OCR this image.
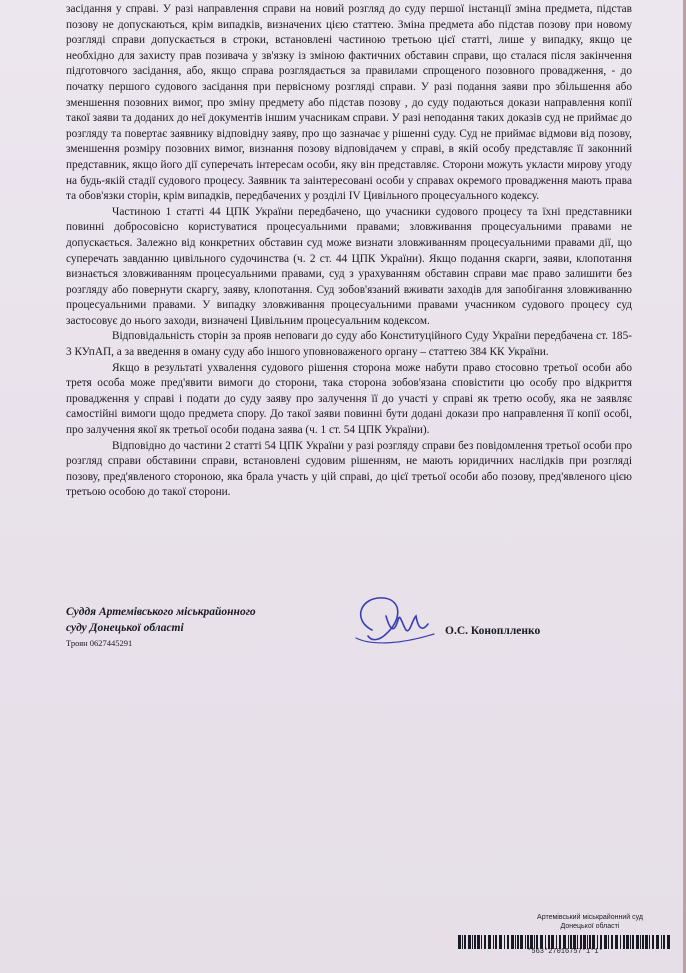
засідання у справі. У разі направлення справи на новий розгляд до суду першої інстанції зміна предмета, підстав позову не допускаються, крім випадків, визначених цією статтею. Зміна предмета або підстав позову при новому розгляді справи допускається в строки, встановлені частиною третьою цієї статті, лише у випадку, якщо це необхідно для захисту прав позивача у зв'язку із зміною фактичних обставин справи, що сталася після закінчення підготовчого засідання, або, якщо справа розглядається за правилами спрощеного позовного провадження, - до початку першого судового засідання при первісному розгляді справи. У разі подання заяви про збільшення або зменшення позовних вимог, про зміну предмету або підстав позову , до суду подаються докази направлення копії такої заяви та доданих до неї документів іншим учасникам справи. У разі неподання таких доказів суд не приймає до розгляду та повертає заявнику відповідну заяву, про що зазначає у рішенні суду. Суд не приймає відмови від позову, зменшення розміру позовних вимог, визнання позову відповідачем у справі, в якій особу представляє її законний представник, якщо його дії суперечать інтересам особи, яку він представляє. Сторони можуть укласти мирову угоду на будь-якій стадії судового процесу. Заявник та заінтересовані особи у справах окремого провадження мають права та обов'язки сторін, крім випадків, передбачених у розділі IV Цивільного процесуального кодексу.

Частиною 1 статті 44 ЦПК України передбачено, що учасники судового процесу та їхні представники повинні добросовісно користуватися процесуальними правами; зловживання процесуальними правами не допускається. Залежно від конкретних обставин суд може визнати зловживанням процесуальними правами дії, що суперечать завданню цивільного судочинства (ч. 2 ст. 44 ЦПК України). Якщо подання скарги, заяви, клопотання визнається зловживанням процесуальними правами, суд з урахуванням обставин справи має право залишити без розгляду або повернути скаргу, заяву, клопотання. Суд зобов'язаний вживати заходів для запобігання зловживанню процесуальними правами. У випадку зловживання процесуальними правами учасником судового процесу суд застосовує до нього заходи, визначені Цивільним процесуальним кодексом.

Відповідальність сторін за прояв неповаги до суду або Конституційного Суду України передбачена ст. 185-3 КУпАП, а за введення в оману суду або іншого уповноваженого органу – статтею 384 КК України.

Якщо в результаті ухвалення судового рішення сторона може набути право стосовно третьої особи або третя особа може пред'явити вимоги до сторони, така сторона зобов'язана сповістити цю особу про відкриття провадження у справі і подати до суду заяву про залучення її до участі у справі як третю особу, яка не заявляє самостійні вимоги щодо предмета спору. До такої заяви повинні бути додані докази про направлення її копії особі, про залучення якої як третьої особи подана заява (ч. 1 ст. 54 ЦПК України).

Відповідно до частини 2 статті 54 ЦПК України у разі розгляду справи без повідомлення третьої особи про розгляд справи обставини справи, встановлені судовим рішенням, не мають юридичних наслідків при розгляді позову, пред'явленого стороною, яка брала участь у цій справі, до цієї третьої особи або позову, пред'явленого цією третьою особою до такої сторони.

Суддя Артемівського міськрайонного
суду Донецької області
Троян 0627445291
О.С. Коноплленко
Артемівський міськрайонний суд
Донецької області
*563*27016757*1*1*
